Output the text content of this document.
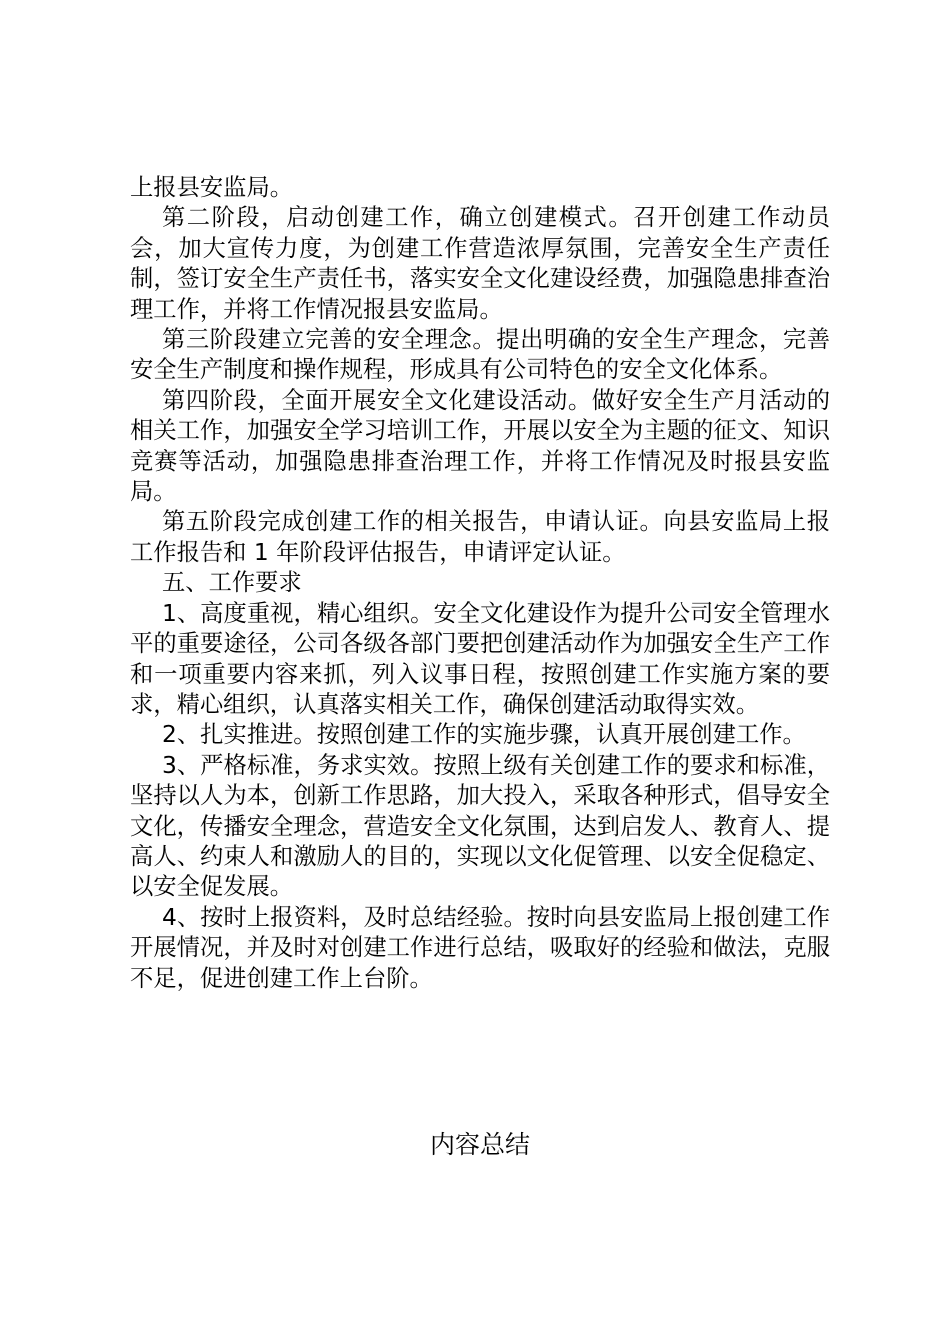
上报县安监局。

第二阶段，启动创建工作，确立创建模式。召开创建工作动员会，加大宣传力度，为创建工作营造浓厚氛围，完善安全生产责任制，签订安全生产责任书，落实安全文化建设经费，加强隐患排查治理工作，并将工作情况报县安监局。

第三阶段建立完善的安全理念。提出明确的安全生产理念，完善安全生产制度和操作规程，形成具有公司特色的安全文化体系。

第四阶段，全面开展安全文化建设活动。做好安全生产月活动的相关工作，加强安全学习培训工作，开展以安全为主题的征文、知识竞赛等活动，加强隐患排查治理工作，并将工作情况及时报县安监局。

第五阶段完成创建工作的相关报告，申请认证。向县安监局上报工作报告和 1 年阶段评估报告，申请评定认证。

五、工作要求

1、高度重视，精心组织。安全文化建设作为提升公司安全管理水平的重要途径，公司各级各部门要把创建活动作为加强安全生产工作和一项重要内容来抓，列入议事日程，按照创建工作实施方案的要求，精心组织，认真落实相关工作，确保创建活动取得实效。

2、扎实推进。按照创建工作的实施步骤，认真开展创建工作。

3、严格标准，务求实效。按照上级有关创建工作的要求和标准，坚持以人为本，创新工作思路，加大投入，采取各种形式，倡导安全文化，传播安全理念，营造安全文化氛围，达到启发人、教育人、提高人、约束人和激励人的目的，实现以文化促管理、以安全促稳定、以安全促发展。

4、按时上报资料，及时总结经验。按时向县安监局上报创建工作开展情况，并及时对创建工作进行总结，吸取好的经验和做法，克服不足，促进创建工作上台阶。

内容总结
